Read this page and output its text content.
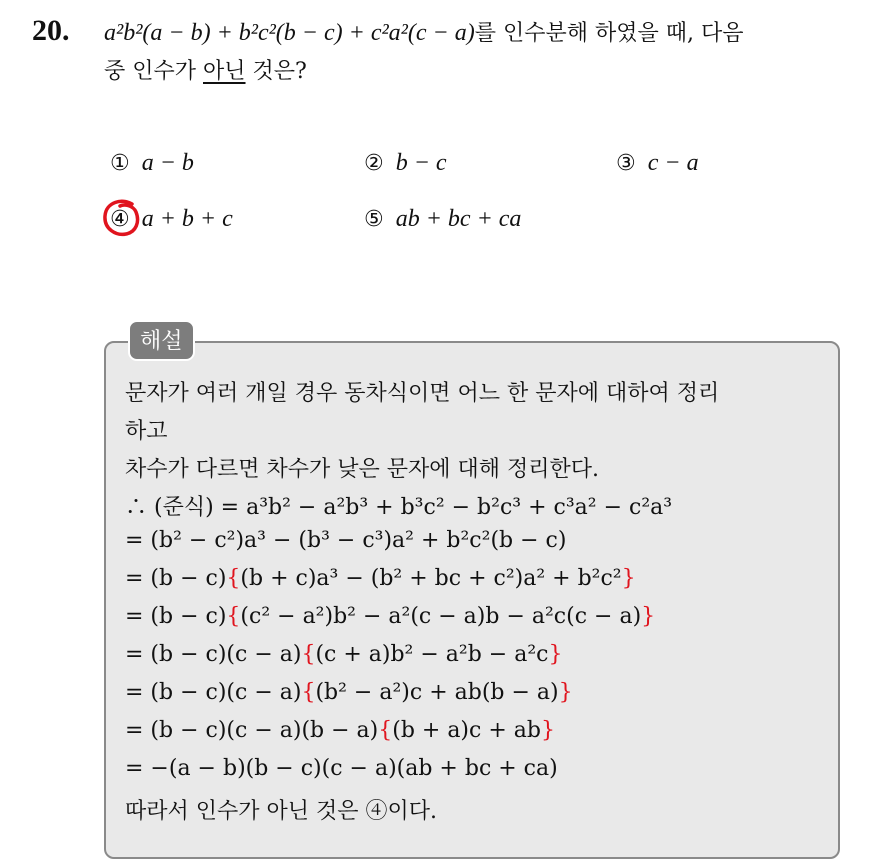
20. a²b²(a − b) + b²c²(b − c) + c²a²(c − a)를 인수분해 하였을 때, 다음
중 인수가 아닌 것은?
① a − b	② b − c	③ c − a
④ a + b + c	⑤ ab + bc + ca
해설
문자가 여러 개일 경우 동차식이면 어느 한 문자에 대하여 정리
하고
차수가 다르면 차수가 낮은 문자에 대해 정리한다.
∴ (준식) = a³b² − a²b³ + b³c² − b²c³ + c³a² − c²a³
= (b² − c²)a³ − (b³ − c³)a² + b²c²(b − c)
= (b − c){(b + c)a³ − (b² + bc + c²)a² + b²c²}
= (b − c){(c² − a²)b² − a²(c − a)b − a²c(c − a)}
= (b − c)(c − a){(c + a)b² − a²b − a²c}
= (b − c)(c − a){(b² − a²)c + ab(b − a)}
= (b − c)(c − a)(b − a){(b + a)c + ab}
= −(a − b)(b − c)(c − a)(ab + bc + ca)
따라서 인수가 아닌 것은 ④이다.
